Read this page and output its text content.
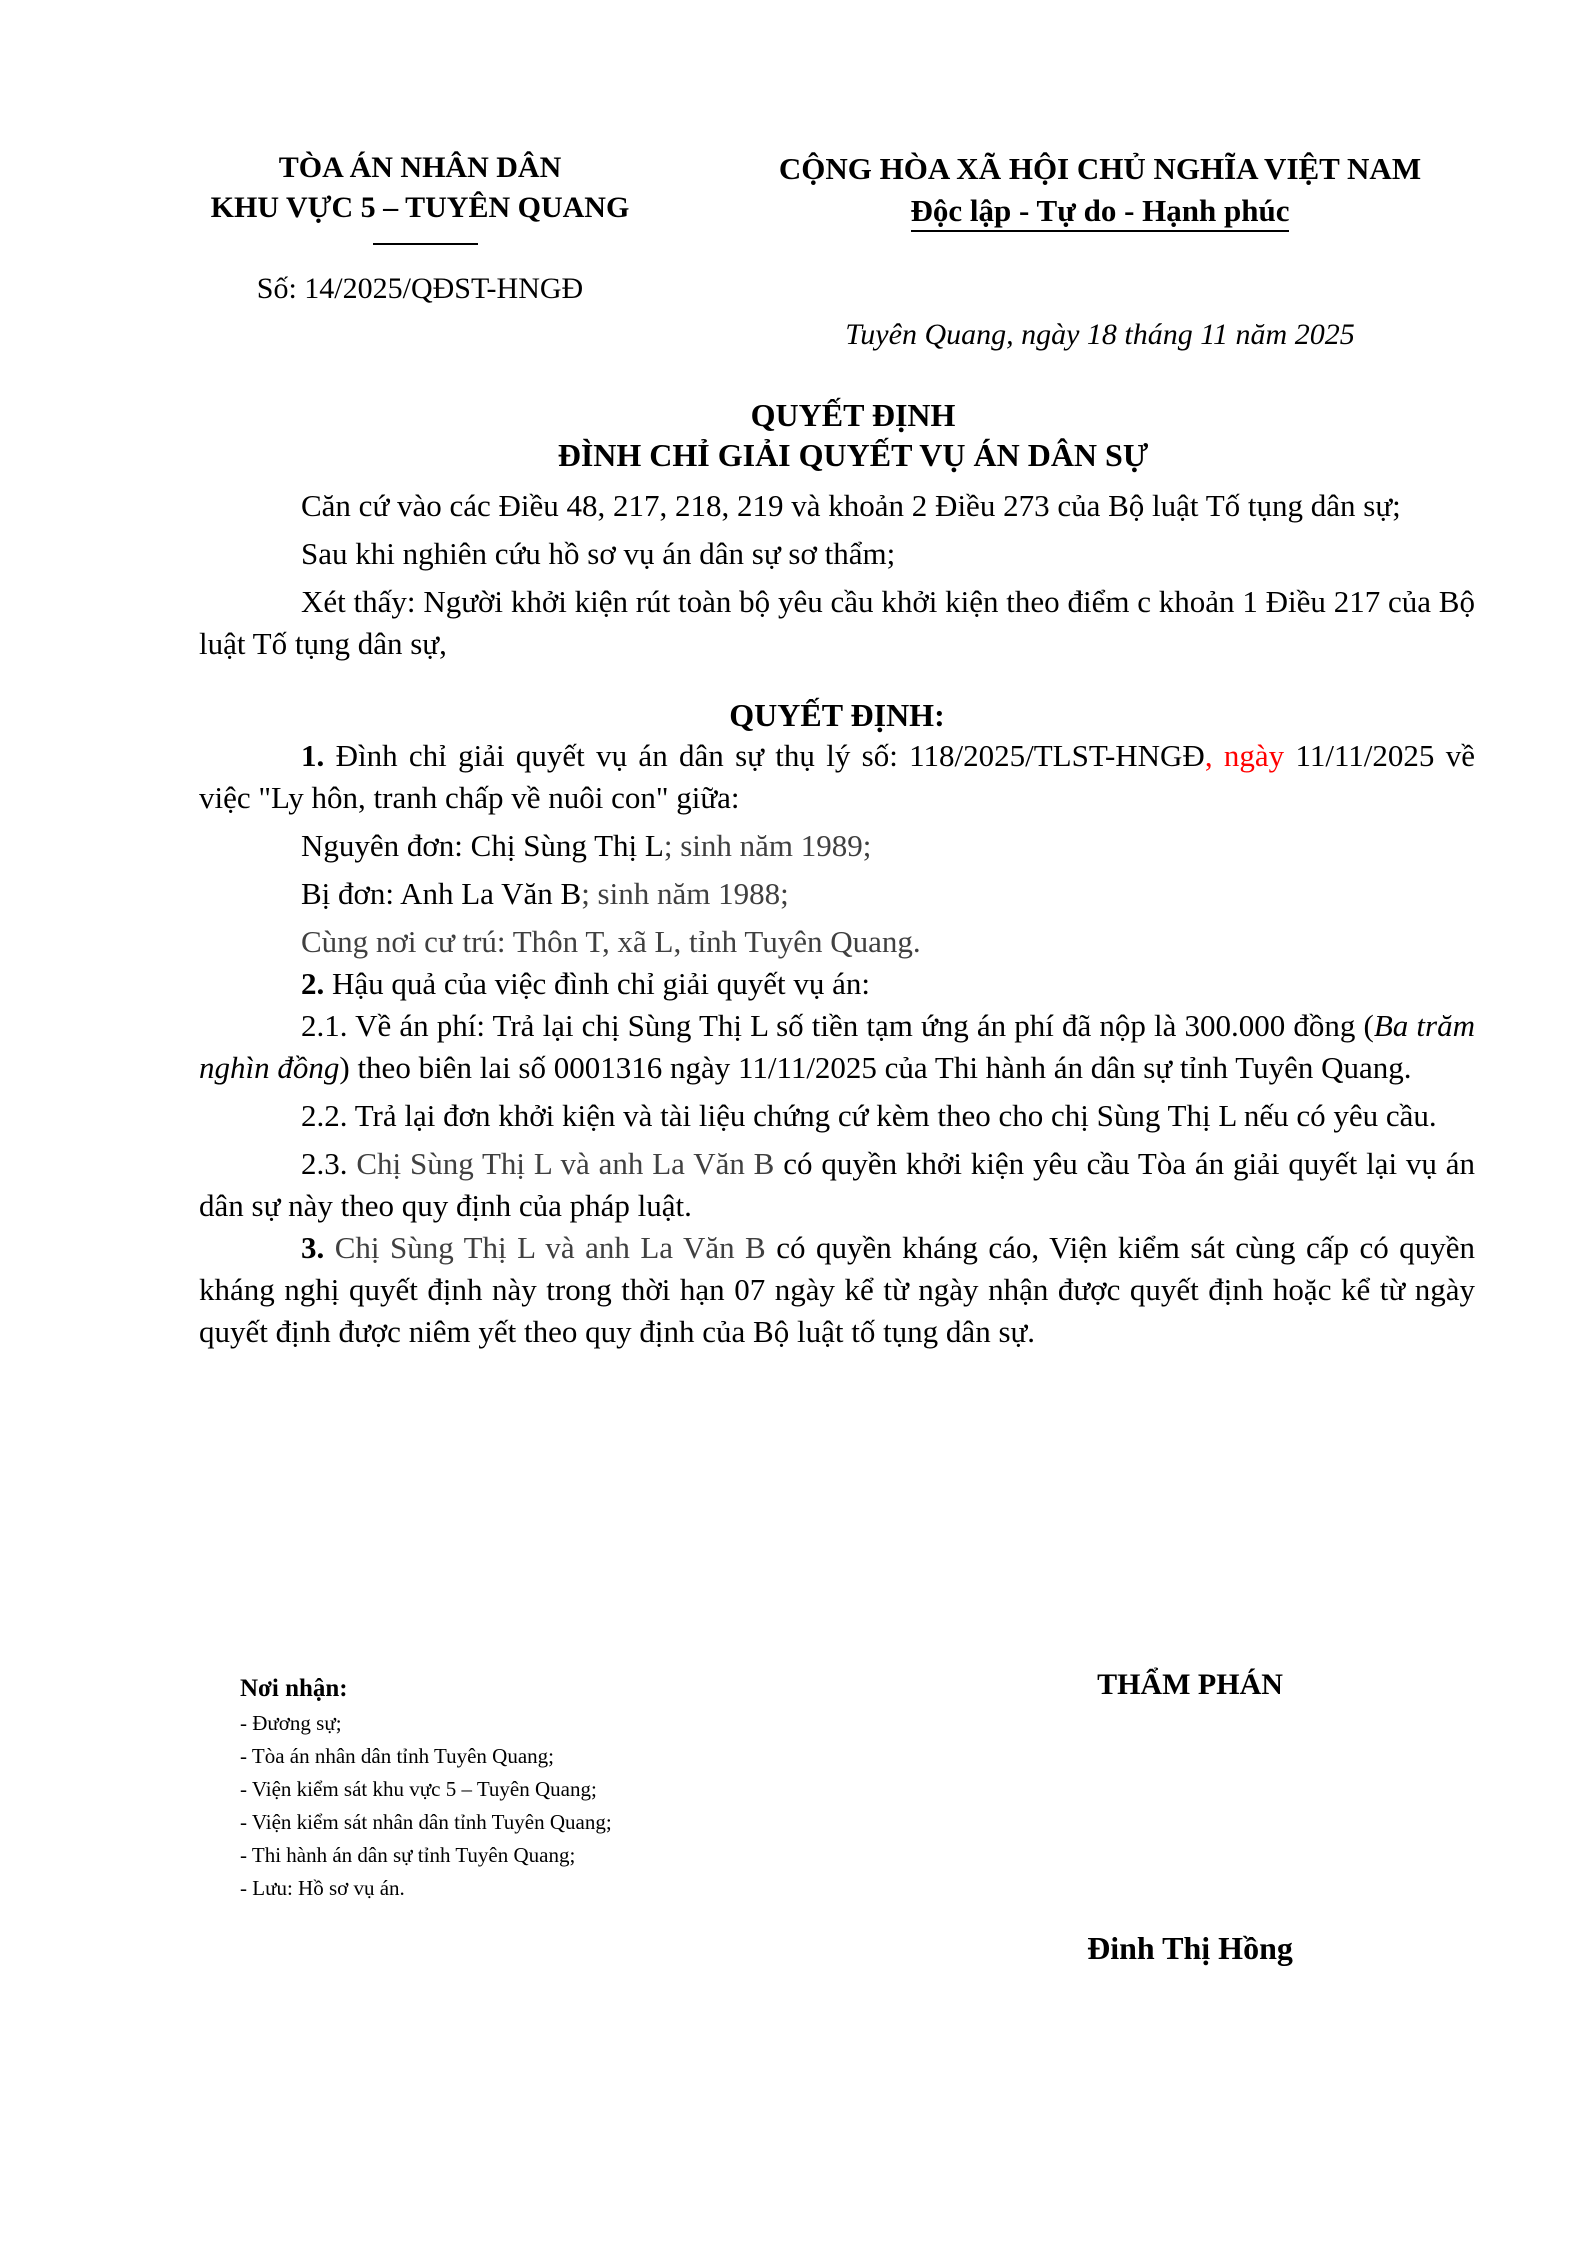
TÒA ÁN NHÂN DÂN
KHU VỰC 5 – TUYÊN QUANG
Số: 14/2025/QĐST-HNGĐ
CỘNG HÒA XÃ HỘI CHỦ NGHĨA VIỆT NAM
Độc lập - Tự do - Hạnh phúc
Tuyên Quang, ngày 18 tháng 11 năm 2025
QUYẾT ĐỊNH
ĐÌNH CHỈ GIẢI QUYẾT VỤ ÁN DÂN SỰ

Căn cứ vào các Điều 48, 217, 218, 219 và khoản 2 Điều 273 của Bộ luật Tố tụng dân sự;

Sau khi nghiên cứu hồ sơ vụ án dân sự sơ thẩm;

Xét thấy: Người khởi kiện rút toàn bộ yêu cầu khởi kiện theo điểm c khoản 1 Điều 217 của Bộ luật Tố tụng dân sự,

QUYẾT ĐỊNH:

1. Đình chỉ giải quyết vụ án dân sự thụ lý số: 118/2025/TLST-HNGĐ, ngày 11/11/2025 về việc "Ly hôn, tranh chấp về nuôi con" giữa:

Nguyên đơn: Chị Sùng Thị L; sinh năm 1989;

Bị đơn: Anh La Văn B; sinh năm 1988;

Cùng nơi cư trú: Thôn T, xã L, tỉnh Tuyên Quang.

2. Hậu quả của việc đình chỉ giải quyết vụ án:

2.1. Về án phí: Trả lại chị Sùng Thị L số tiền tạm ứng án phí đã nộp là 300.000 đồng (Ba trăm nghìn đồng) theo biên lai số 0001316 ngày 11/11/2025 của Thi hành án dân sự tỉnh Tuyên Quang.

2.2. Trả lại đơn khởi kiện và tài liệu chứng cứ kèm theo cho chị Sùng Thị L nếu có yêu cầu.

2.3. Chị Sùng Thị L và anh La Văn B có quyền khởi kiện yêu cầu Tòa án giải quyết lại vụ án dân sự này theo quy định của pháp luật.

3. Chị Sùng Thị L và anh La Văn B có quyền kháng cáo, Viện kiểm sát cùng cấp có quyền kháng nghị quyết định này trong thời hạn 07 ngày kể từ ngày nhận được quyết định hoặc kể từ ngày quyết định được niêm yết theo quy định của Bộ luật tố tụng dân sự.

Nơi nhận:
- Đương sự;
- Tòa án nhân dân tỉnh Tuyên Quang;
- Viện kiểm sát khu vực 5 – Tuyên Quang;
- Viện kiểm sát nhân dân tỉnh Tuyên Quang;
- Thi hành án dân sự tỉnh Tuyên Quang;
- Lưu: Hồ sơ vụ án.
THẨM PHÁN
Đinh Thị Hồng
